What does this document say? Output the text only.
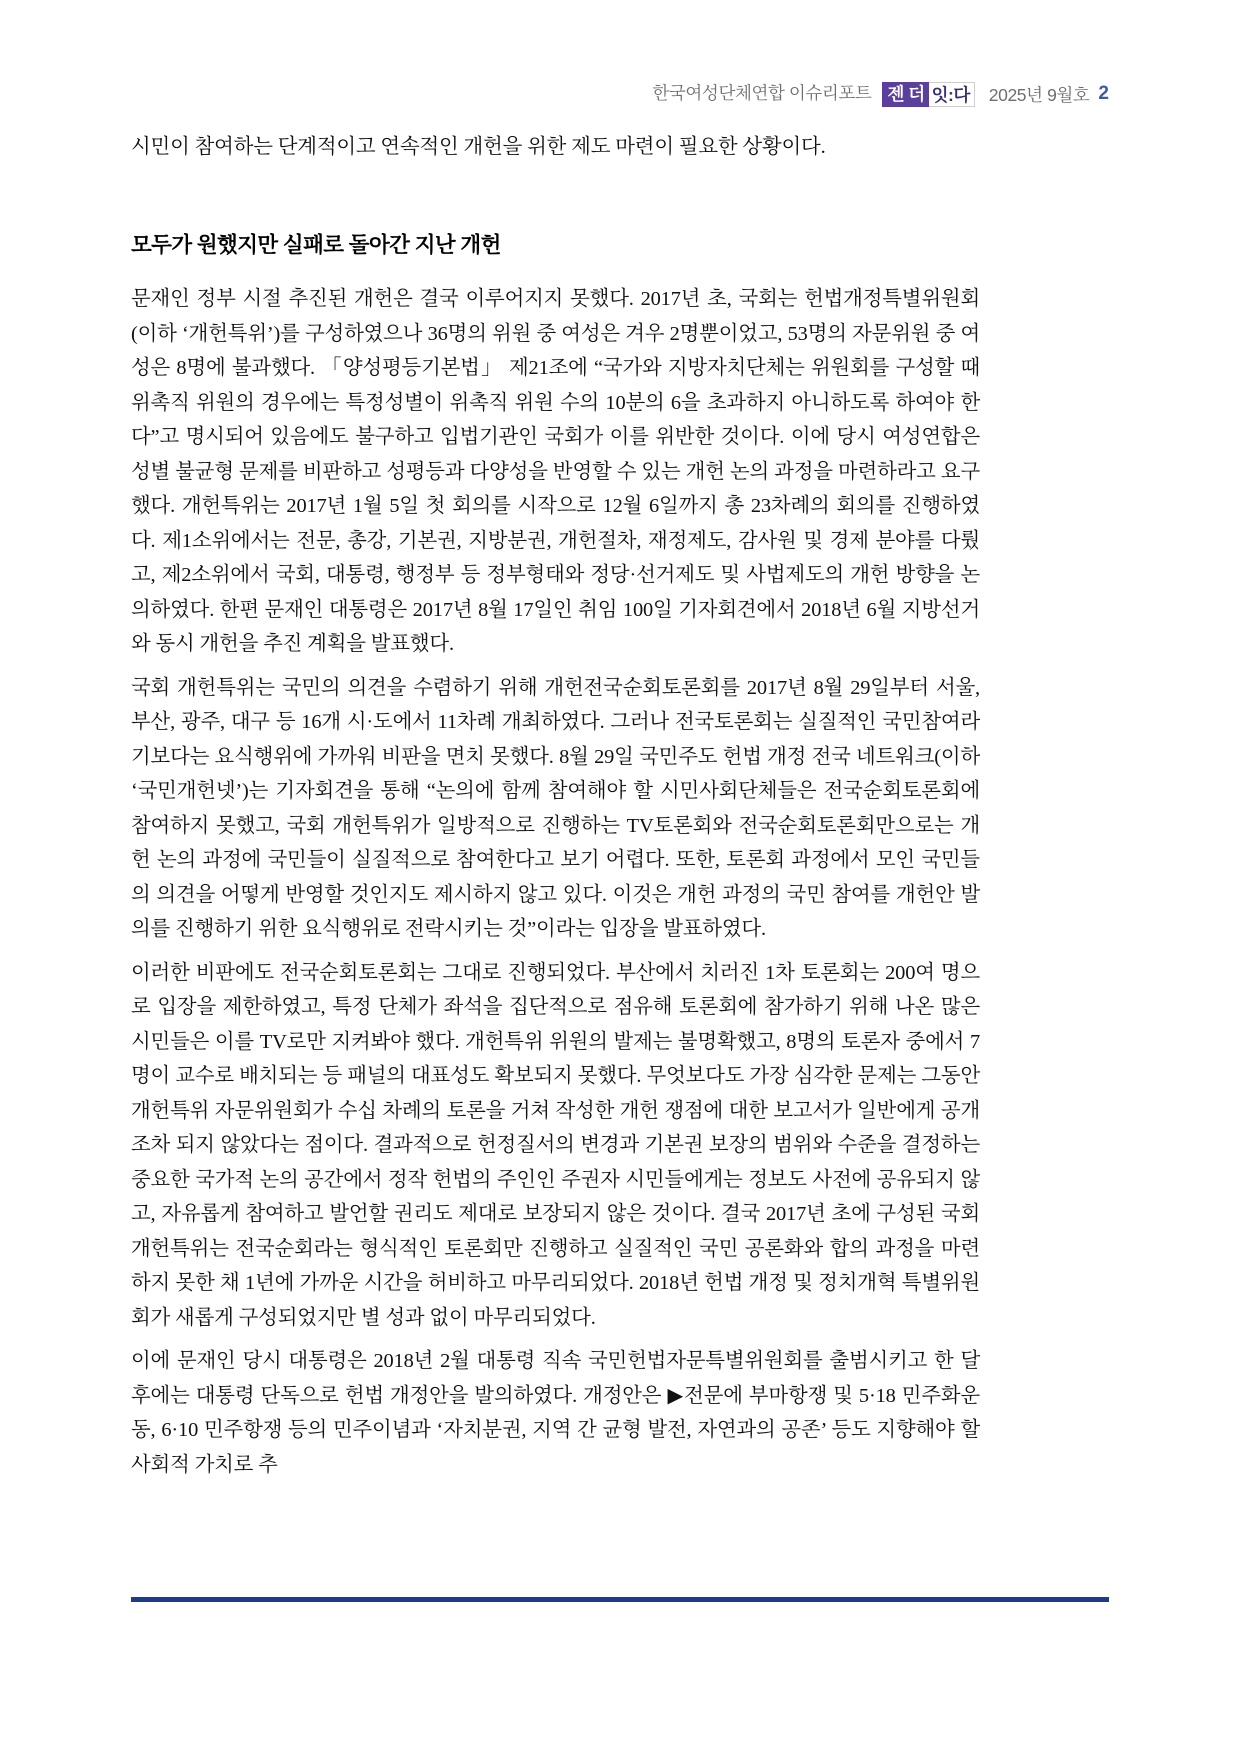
한국여성단체연합 이슈리포트 젠 더 잇:다	2025년 9월호 2

시민이 참여하는 단계적이고 연속적인 개헌을 위한 제도 마련이 필요한 상황이다.

모두가 원했지만 실패로 돌아간 지난 개헌

문재인 정부 시절 추진된 개헌은 결국 이루어지지 못했다. 2017년 초, 국회는 헌법개정특별위원회(이하 ‘개헌특위’)를 구성하였으나 36명의 위원 중 여성은 겨우 2명뿐이었고, 53명의 자문위원 중 여성은 8명에 불과했다. 「양성평등기본법」 제21조에 “국가와 지방자치단체는 위원회를 구성할 때 위촉직 위원의 경우에는 특정성별이 위촉직 위원 수의 10분의 6을 초과하지 아니하도록 하여야 한다”고 명시되어 있음에도 불구하고 입법기관인 국회가 이를 위반한 것이다. 이에 당시 여성연합은 성별 불균형 문제를 비판하고 성평등과 다양성을 반영할 수 있는 개헌 논의 과정을 마련하라고 요구했다. 개헌특위는 2017년 1월 5일 첫 회의를 시작으로 12월 6일까지 총 23차례의 회의를 진행하였다. 제1소위에서는 전문, 총강, 기본권, 지방분권, 개헌절차, 재정제도, 감사원 및 경제 분야를 다뤘고, 제2소위에서 국회, 대통령, 행정부 등 정부형태와 정당·선거제도 및 사법제도의 개헌 방향을 논의하였다. 한편 문재인 대통령은 2017년 8월 17일인 취임 100일 기자회견에서 2018년 6월 지방선거와 동시 개헌을 추진 계획을 발표했다.

국회 개헌특위는 국민의 의견을 수렴하기 위해 개헌전국순회토론회를 2017년 8월 29일부터 서울, 부산, 광주, 대구 등 16개 시·도에서 11차례 개최하였다. 그러나 전국토론회는 실질적인 국민참여라기보다는 요식행위에 가까워 비판을 면치 못했다. 8월 29일 국민주도 헌법 개정 전국 네트워크(이하 ‘국민개헌넷’)는 기자회견을 통해 “논의에 함께 참여해야 할 시민사회단체들은 전국순회토론회에 참여하지 못했고, 국회 개헌특위가 일방적으로 진행하는 TV토론회와 전국순회토론회만으로는 개헌 논의 과정에 국민들이 실질적으로 참여한다고 보기 어렵다. 또한, 토론회 과정에서 모인 국민들의 의견을 어떻게 반영할 것인지도 제시하지 않고 있다. 이것은 개헌 과정의 국민 참여를 개헌안 발의를 진행하기 위한 요식행위로 전락시키는 것”이라는 입장을 발표하였다.

이러한 비판에도 전국순회토론회는 그대로 진행되었다. 부산에서 치러진 1차 토론회는 200여 명으로 입장을 제한하였고, 특정 단체가 좌석을 집단적으로 점유해 토론회에 참가하기 위해 나온 많은 시민들은 이를 TV로만 지켜봐야 했다. 개헌특위 위원의 발제는 불명확했고, 8명의 토론자 중에서 7명이 교수로 배치되는 등 패널의 대표성도 확보되지 못했다. 무엇보다도 가장 심각한 문제는 그동안 개헌특위 자문위원회가 수십 차례의 토론을 거쳐 작성한 개헌 쟁점에 대한 보고서가 일반에게 공개조차 되지 않았다는 점이다. 결과적으로 헌정질서의 변경과 기본권 보장의 범위와 수준을 결정하는 중요한 국가적 논의 공간에서 정작 헌법의 주인인 주권자 시민들에게는 정보도 사전에 공유되지 않고, 자유롭게 참여하고 발언할 권리도 제대로 보장되지 않은 것이다. 결국 2017년 초에 구성된 국회 개헌특위는 전국순회라는 형식적인 토론회만 진행하고 실질적인 국민 공론화와 합의 과정을 마련하지 못한 채 1년에 가까운 시간을 허비하고 마무리되었다. 2018년 헌법 개정 및 정치개혁 특별위원회가 새롭게 구성되었지만 별 성과 없이 마무리되었다.

이에 문재인 당시 대통령은 2018년 2월 대통령 직속 국민헌법자문특별위원회를 출범시키고 한 달 후에는 대통령 단독으로 헌법 개정안을 발의하였다. 개정안은 ▶전문에 부마항쟁 및 5·18 민주화운동, 6·10 민주항쟁 등의 민주이념과 ‘자치분권, 지역 간 균형 발전, 자연과의 공존’ 등도 지향해야 할 사회적 가치로 추
